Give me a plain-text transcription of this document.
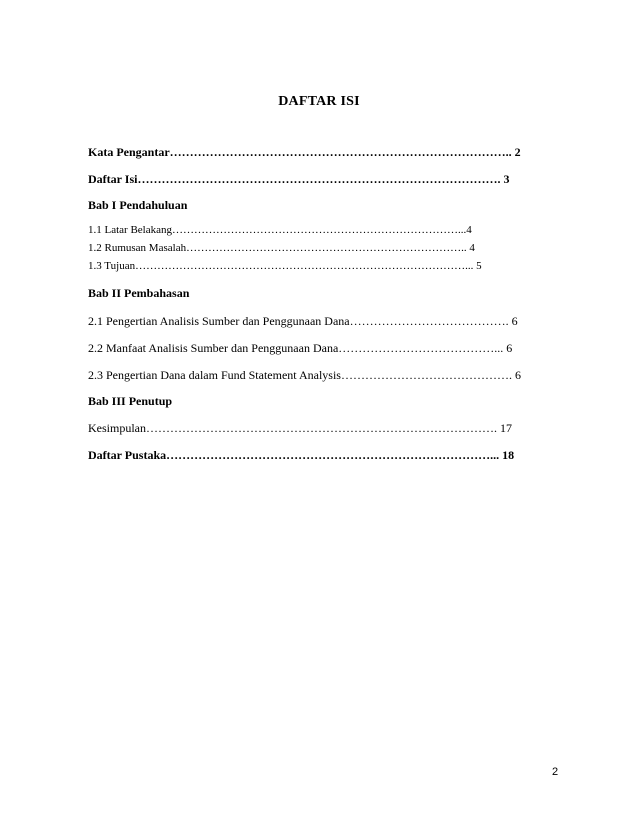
DAFTAR ISI
Kata Pengantar………………………………………………………………………….. 2
Daftar Isi………………………………………………………………………………. 3
Bab I Pendahuluan
1.1 Latar Belakang……………………………………………………………………...4
1.2 Rumusan Masalah………………………………………………………………….. 4
1.3 Tujuan………………………………………………………………………………... 5
Bab II Pembahasan
2.1 Pengertian Analisis Sumber dan Penggunaan Dana…………………………………. 6
2.2 Manfaat Analisis Sumber dan Penggunaan Dana…………………………………... 6
2.3 Pengertian Dana dalam Fund Statement Analysis……………………………………. 6
Bab III Penutup
Kesimpulan……………………………………………………………………………. 17
Daftar Pustaka………………………………………………………………………... 18
2
